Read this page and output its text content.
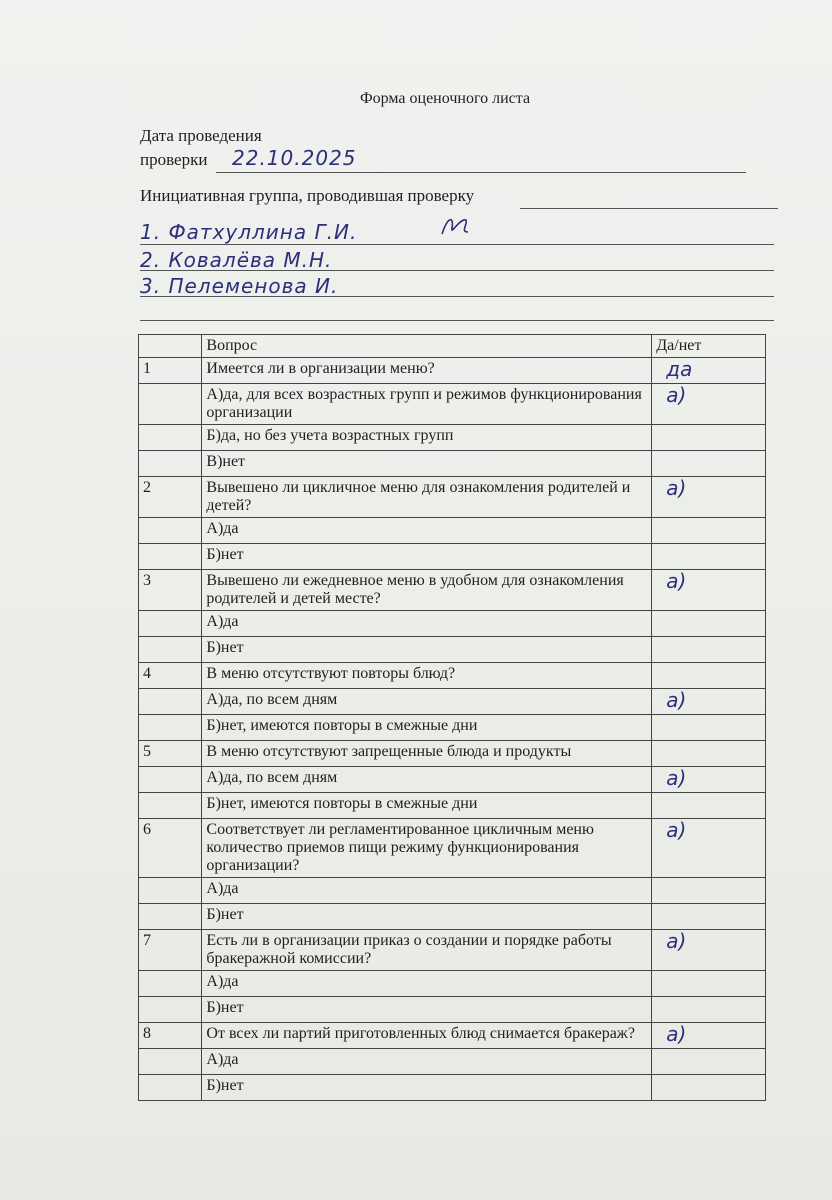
Форма оценочного листа
Дата проведения
проверки 22.10.2025
Инициативная группа, проводившая проверку
1. Фатхуллина Г.И.
2. Ковалёва М.Н.
3. Пелеменова И.
	Вопрос	Да/нет
1	Имеется ли в организации меню?	да
	А)да, для всех возрастных групп и режимов функционирования организации	а)
	Б)да, но без учета возрастных групп	
	В)нет	
2	Вывешено ли цикличное меню для ознакомления родителей и детей?	а)
	А)да	
	Б)нет	
3	Вывешено ли ежедневное меню в удобном для ознакомления родителей и детей месте?	а)
	А)да	
	Б)нет	
4	В меню отсутствуют повторы блюд?	
	А)да, по всем дням	а)
	Б)нет, имеются повторы в смежные дни	
5	В меню отсутствуют запрещенные блюда и продукты	
	А)да, по всем дням	а)
	Б)нет, имеются повторы в смежные дни	
6	Соответствует ли регламентированное цикличным меню количество приемов пищи режиму функционирования организации?	а)
	А)да	
	Б)нет	
7	Есть ли в организации приказ о создании и порядке работы бракеражной комиссии?	а)
	А)да	
	Б)нет	
8	От всех ли партий приготовленных блюд снимается бракераж?	а)
	А)да	
	Б)нет	
